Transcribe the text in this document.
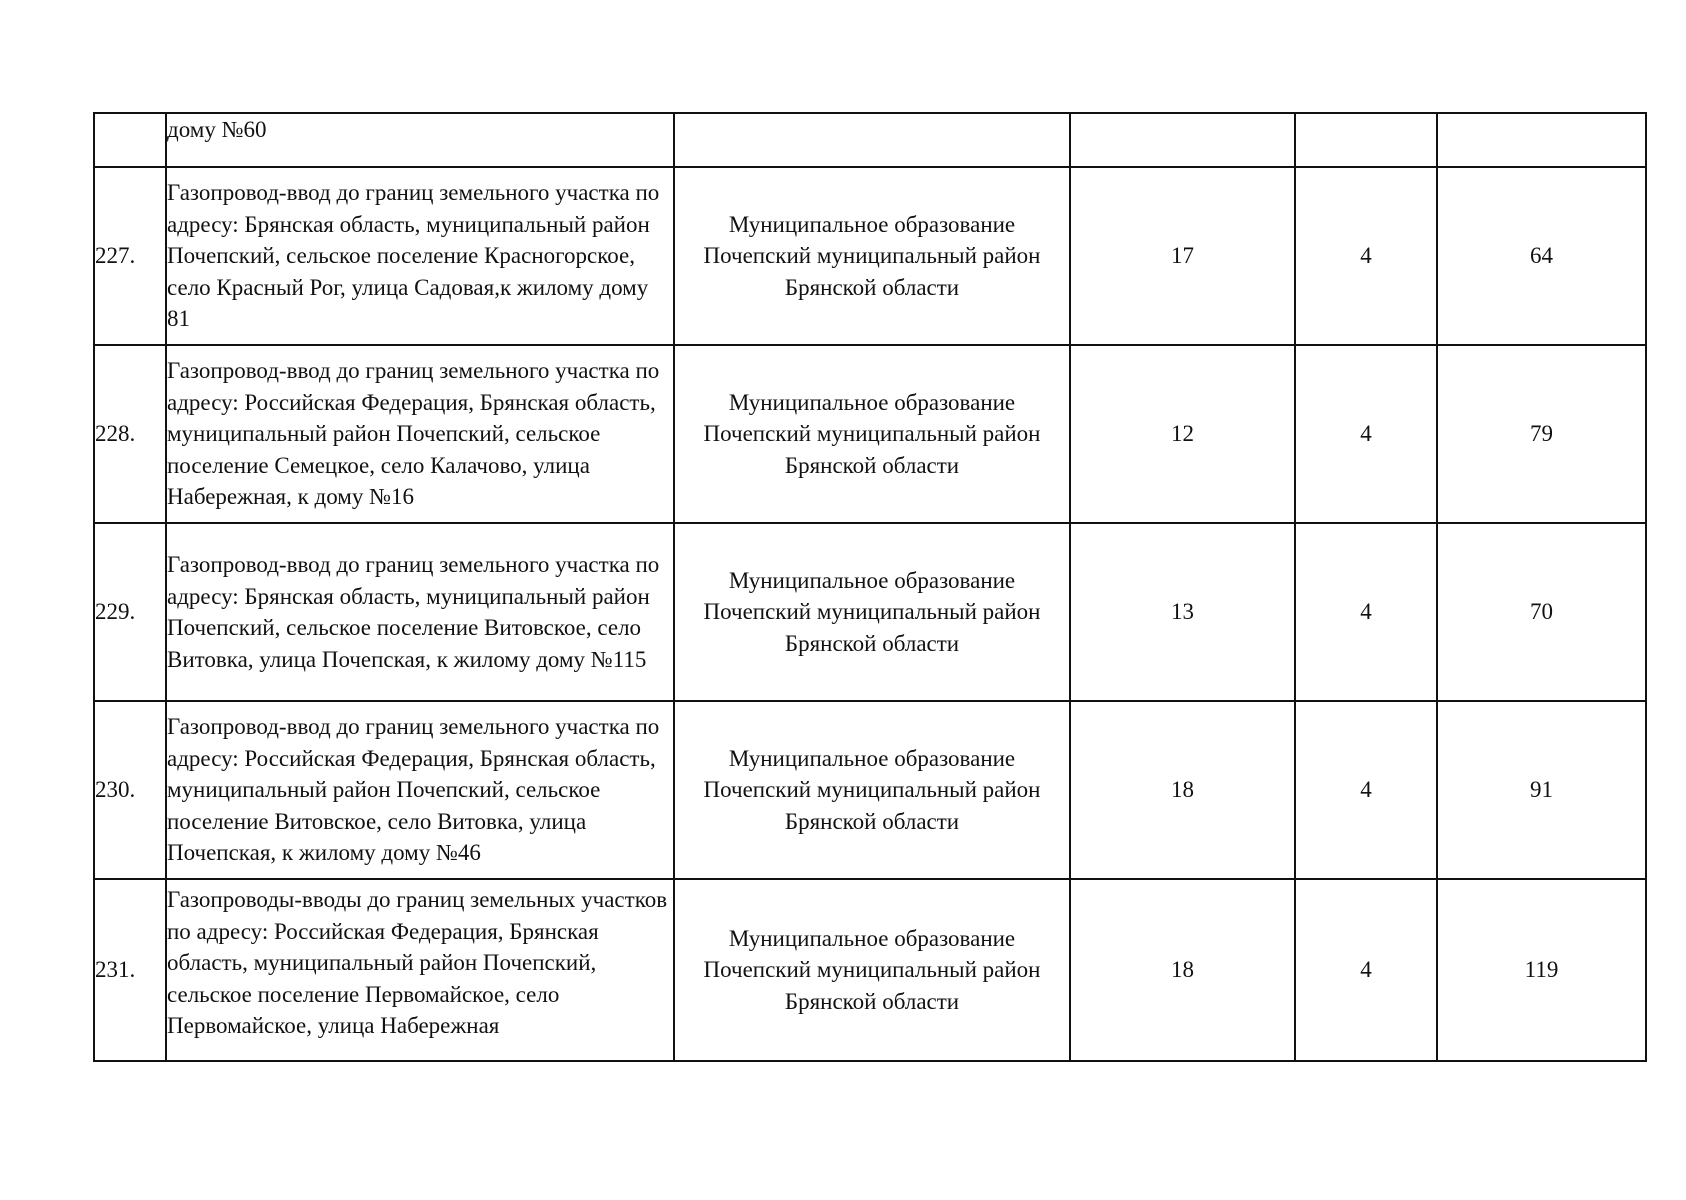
	дому №60				
227.	Газопровод-ввод до границ земельного участка по адресу: Брянская область, муниципальный район Почепский, сельское поселение Красногорское, село Красный Рог, улица Садовая,к жилому дому 81	Муниципальное образование Почепский муниципальный район Брянской области	17	4	64
228.	Газопровод-ввод до границ земельного участка по адресу: Российская Федерация, Брянская область, муниципальный район Почепский, сельское поселение Семецкое, село Калачово, улица Набережная, к дому №16	Муниципальное образование Почепский муниципальный район Брянской области	12	4	79
229.	Газопровод-ввод до границ земельного участка по адресу: Брянская область, муниципальный район Почепский, сельское поселение Витовское, село Витовка, улица Почепская, к жилому дому №115	Муниципальное образование Почепский муниципальный район Брянской области	13	4	70
230.	Газопровод-ввод до границ земельного участка по адресу: Российская Федерация, Брянская область, муниципальный район Почепский, сельское поселение Витовское, село Витовка, улица Почепская, к жилому дому №46	Муниципальное образование Почепский муниципальный район Брянской области	18	4	91
231.	Газопроводы-вводы до границ земельных участков по адресу: Российская Федерация, Брянская область, муниципальный район Почепский, сельское поселение Первомайское, село Первомайское, улица Набережная	Муниципальное образование Почепский муниципальный район Брянской области	18	4	119
